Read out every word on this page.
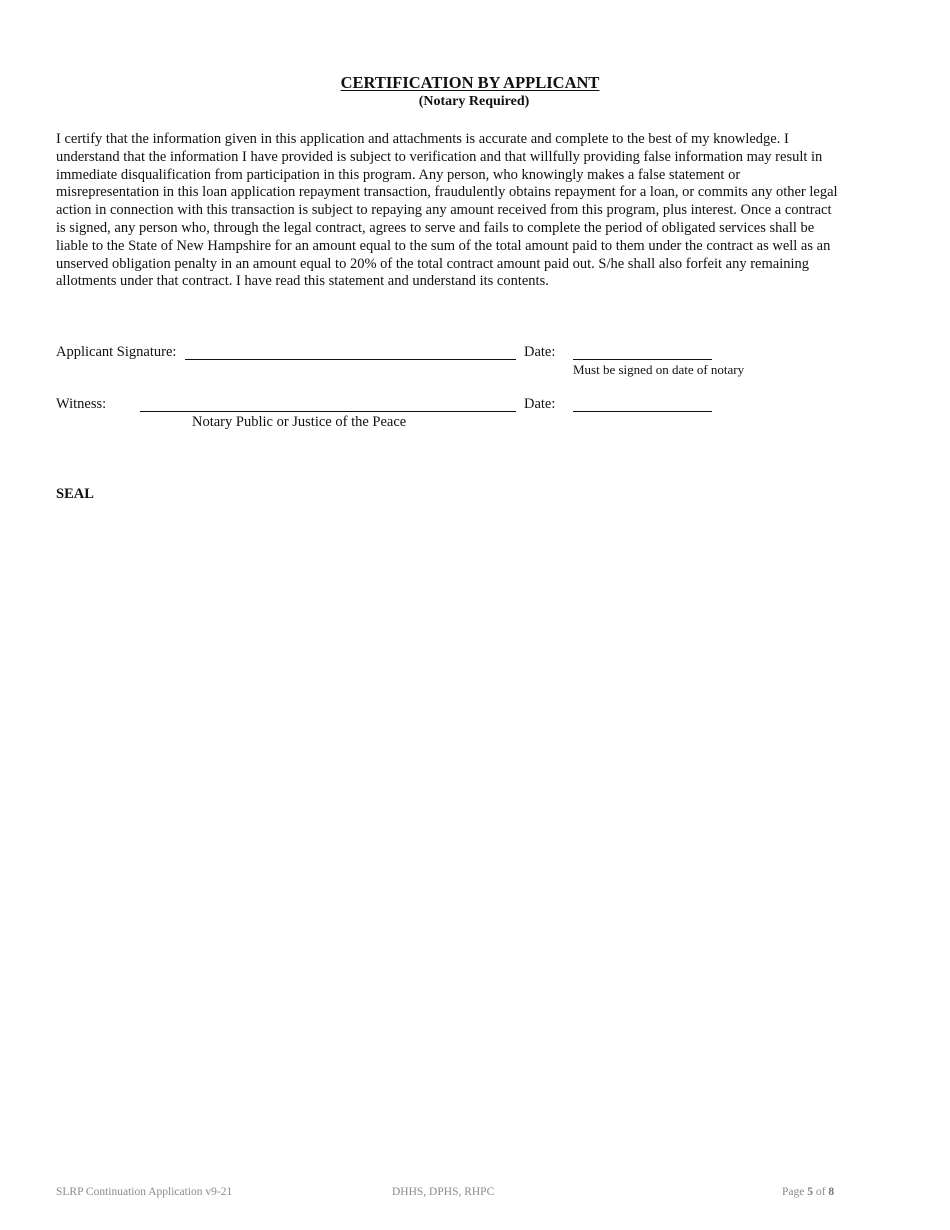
CERTIFICATION BY APPLICANT
(Notary Required)

I certify that the information given in this application and attachments is accurate and complete to the best of my knowledge. I
understand that the information I have provided is subject to verification and that willfully providing false information may result in
immediate disqualification from participation in this program. Any person, who knowingly makes a false statement or
misrepresentation in this loan application repayment transaction, fraudulently obtains repayment for a loan, or commits any other legal
action in connection with this transaction is subject to repaying any amount received from this program, plus interest. Once a contract
is signed, any person who, through the legal contract, agrees to serve and fails to complete the period of obligated services shall be
liable to the State of New Hampshire for an amount equal to the sum of the total amount paid to them under the contract as well as an
unserved obligation penalty in an amount equal to 20% of the total contract amount paid out. S/he shall also forfeit any remaining
allotments under that contract. I have read this statement and understand its contents.

Applicant Signature:	Date:
Must be signed on date of notary
Witness:	Date:
Notary Public or Justice of the Peace
SEAL
SLRP Continuation Application v9-21	DHHS, DPHS, RHPC	Page 5 of 8
